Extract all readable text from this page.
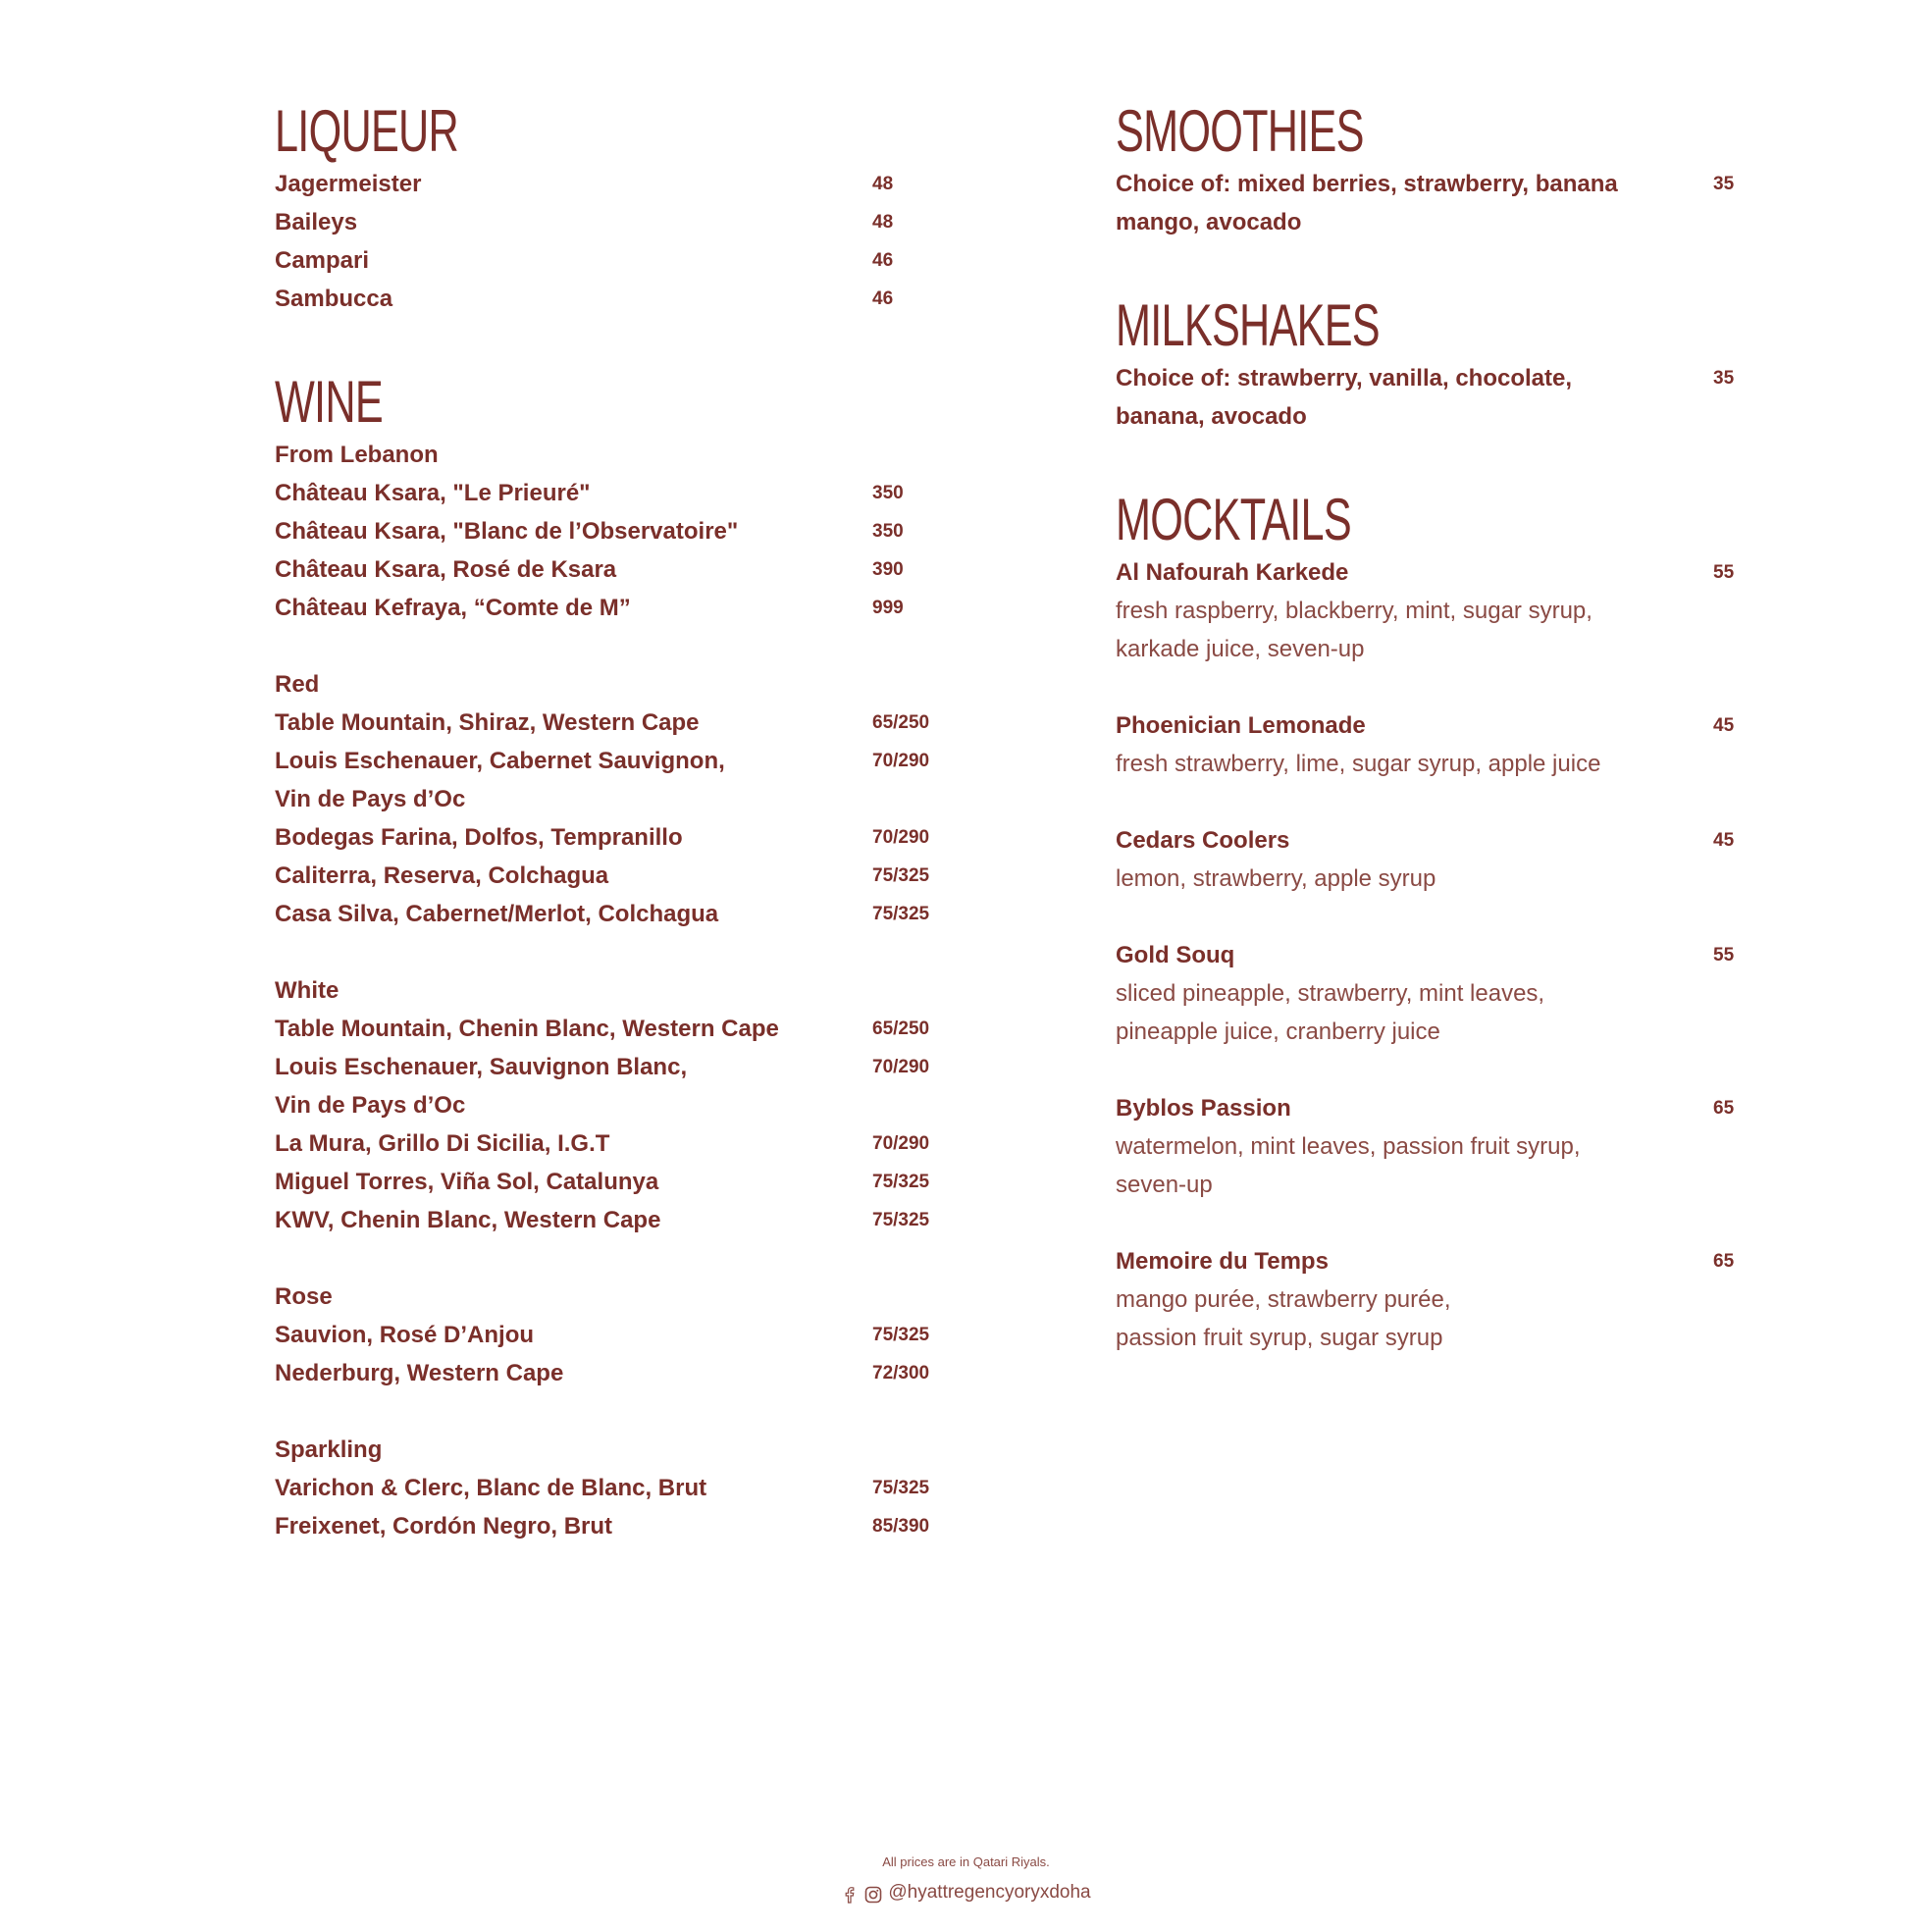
LIQUEUR
Jagermeister	48
Baileys	48
Campari	46
Sambucca	46
WINE
From Lebanon
Château Ksara, "Le Prieuré"	350
Château Ksara, "Blanc de l’Observatoire"	350
Château Ksara, Rosé de Ksara	390
Château Kefraya, “Comte de M”	999
Red
Table Mountain, Shiraz, Western Cape	65/250
Louis Eschenauer, Cabernet Sauvignon,	70/290
Vin de Pays d’Oc
Bodegas Farina, Dolfos, Tempranillo	70/290
Caliterra, Reserva, Colchagua	75/325
Casa Silva, Cabernet/Merlot, Colchagua	75/325
White
Table Mountain, Chenin Blanc, Western Cape	65/250
Louis Eschenauer, Sauvignon Blanc,	70/290
Vin de Pays d’Oc
La Mura, Grillo Di Sicilia, I.G.T	70/290
Miguel Torres, Viña Sol, Catalunya	75/325
KWV, Chenin Blanc, Western Cape	75/325
Rose
Sauvion, Rosé D’Anjou	75/325
Nederburg, Western Cape	72/300
Sparkling
Varichon & Clerc, Blanc de Blanc, Brut	75/325
Freixenet, Cordón Negro, Brut	85/390
SMOOTHIES
Choice of: mixed berries, strawberry, banana	35
mango, avocado
MILKSHAKES
Choice of: strawberry, vanilla, chocolate,	35
banana, avocado
MOCKTAILS
Al Nafourah Karkede	55
fresh raspberry, blackberry, mint, sugar syrup,
karkade juice, seven-up
Phoenician Lemonade	45
fresh strawberry, lime, sugar syrup, apple juice
Cedars Coolers	45
lemon, strawberry, apple syrup
Gold Souq	55
sliced pineapple, strawberry, mint leaves,
pineapple juice, cranberry juice
Byblos Passion	65
watermelon, mint leaves, passion fruit syrup,
seven-up
Memoire du Temps	65
mango purée, strawberry purée,
passion fruit syrup, sugar syrup
All prices are in Qatari Riyals.
@hyattregencyoryxdoha
